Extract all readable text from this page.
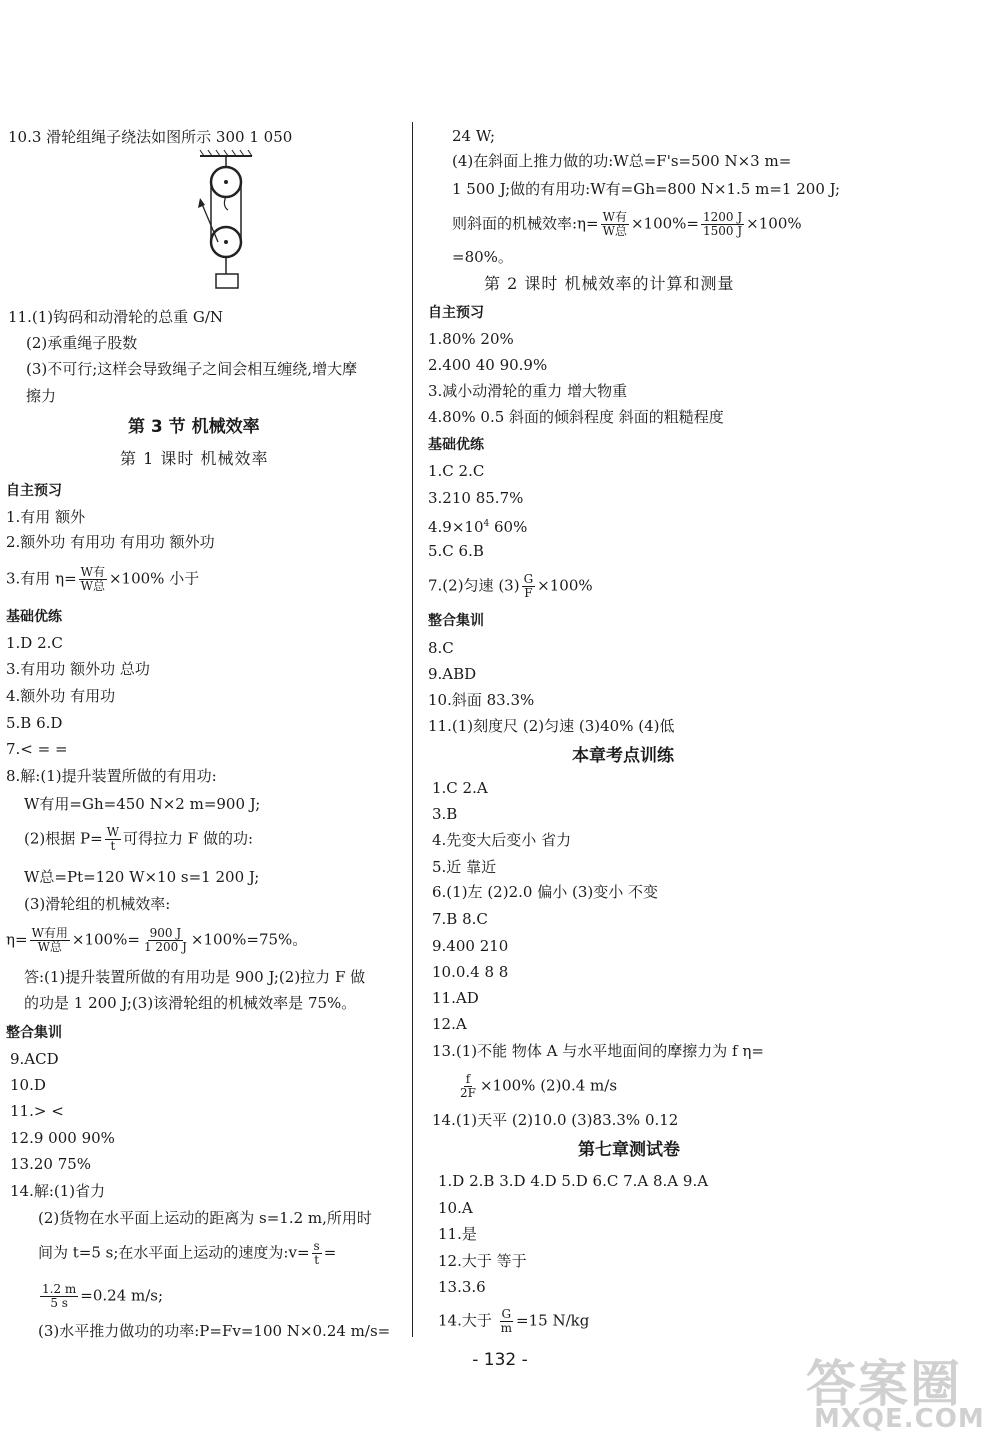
10.3 滑轮组绳子绕法如图所示 300 1 050
11.(1)钩码和动滑轮的总重 G/N
(2)承重绳子股数
(3)不可行;这样会导致绳子之间会相互缠绕,增大摩
擦力
第 3 节 机械效率
第 1 课时 机械效率
自主预习
1.有用 额外
2.额外功 有用功 有用功 额外功
3.有用 $\eta= \frac{\text{W有}}{\text{W总}} \times 100\%$ 小于
基础优练
1.D 2.C
3.有用功 额外功 总功
4.额外功 有用功
5.B 6.D
7.< = =
8.解:(1)提升装置所做的有用功:
W有用=Gh=450 N×2 m=900 J;
(2)根据 $P= \frac{W}{t}$ 可得拉力 F 做的功:
W总=Pt=120 W×10 s=1 200 J;
(3)滑轮组的机械效率:
$\eta= \frac{\text{W有用}}{\text{W总}} \times 100\%= \frac{900 J}{1 200 J} \times 100\%=75\%$。
答:(1)提升装置所做的有用功是 900 J;(2)拉力 F 做
的功是 1 200 J;(3)该滑轮组的机械效率是 75%。
整合集训
9.ACD
10.D
11.> <
12.9 000 90%
13.20 75%
14.解:(1)省力
(2)货物在水平面上运动的距离为 s=1.2 m,所用时
间为 t=5 s;在水平面上运动的速度为:v= $\frac{s}{t}$ =
$\frac{1.2 m}{5 s} =0.24$ m/s;
(3)水平推力做功的功率:P=Fv=100 N×0.24 m/s=
24 W;
(4)在斜面上推力做的功:W总=F's=500 N×3 m=
1 500 J;做的有用功:W有=Gh=800 N×1.5 m=1 200 J;
则斜面的机械效率:η= $\frac{\text{W有}}{\text{W总}} \times 100\%= \frac{1200 J}{1500 J} \times 100\%$
=80%。
第 2 课时 机械效率的计算和测量
自主预习
1.80% 20%
2.400 40 90.9%
3.减小动滑轮的重力 增大物重
4.80% 0.5 斜面的倾斜程度 斜面的粗糙程度
基础优练
1.C 2.C
3.210 85.7%
$4.9\times 10^4$ 60%
5.C 6.B
7.(2)匀速 $(3) \frac{G}{F} \times 100\%$
整合集训
8.C
9.ABD
10.斜面 83.3%
11.(1)刻度尺 (2)匀速 (3)40% (4)低
本章考点训练
1.C 2.A
3.B
4.先变大后变小 省力
5.近 靠近
6.(1)左 (2)2.0 偏小 (3)变小 不变
7.B 8.C
9.400 210
10.0.4 8 8
11.AD
12.A
13.(1)不能 物体 A 与水平地面间的摩擦力为 f η=
$\frac{f}{2F} \times 100\%$ (2)0.4 m/s
14.(1)天平 (2)10.0 (3)83.3% 0.12
第七章测试卷
1.D 2.B 3.D 4.D 5.D 6.C 7.A 8.A 9.A
10.A
11.是
12.大于 等于
13.3.6
14.大于 $\frac{G}{m} =15$ N/kg
- 132 -	答案圈
MXQE.COM
